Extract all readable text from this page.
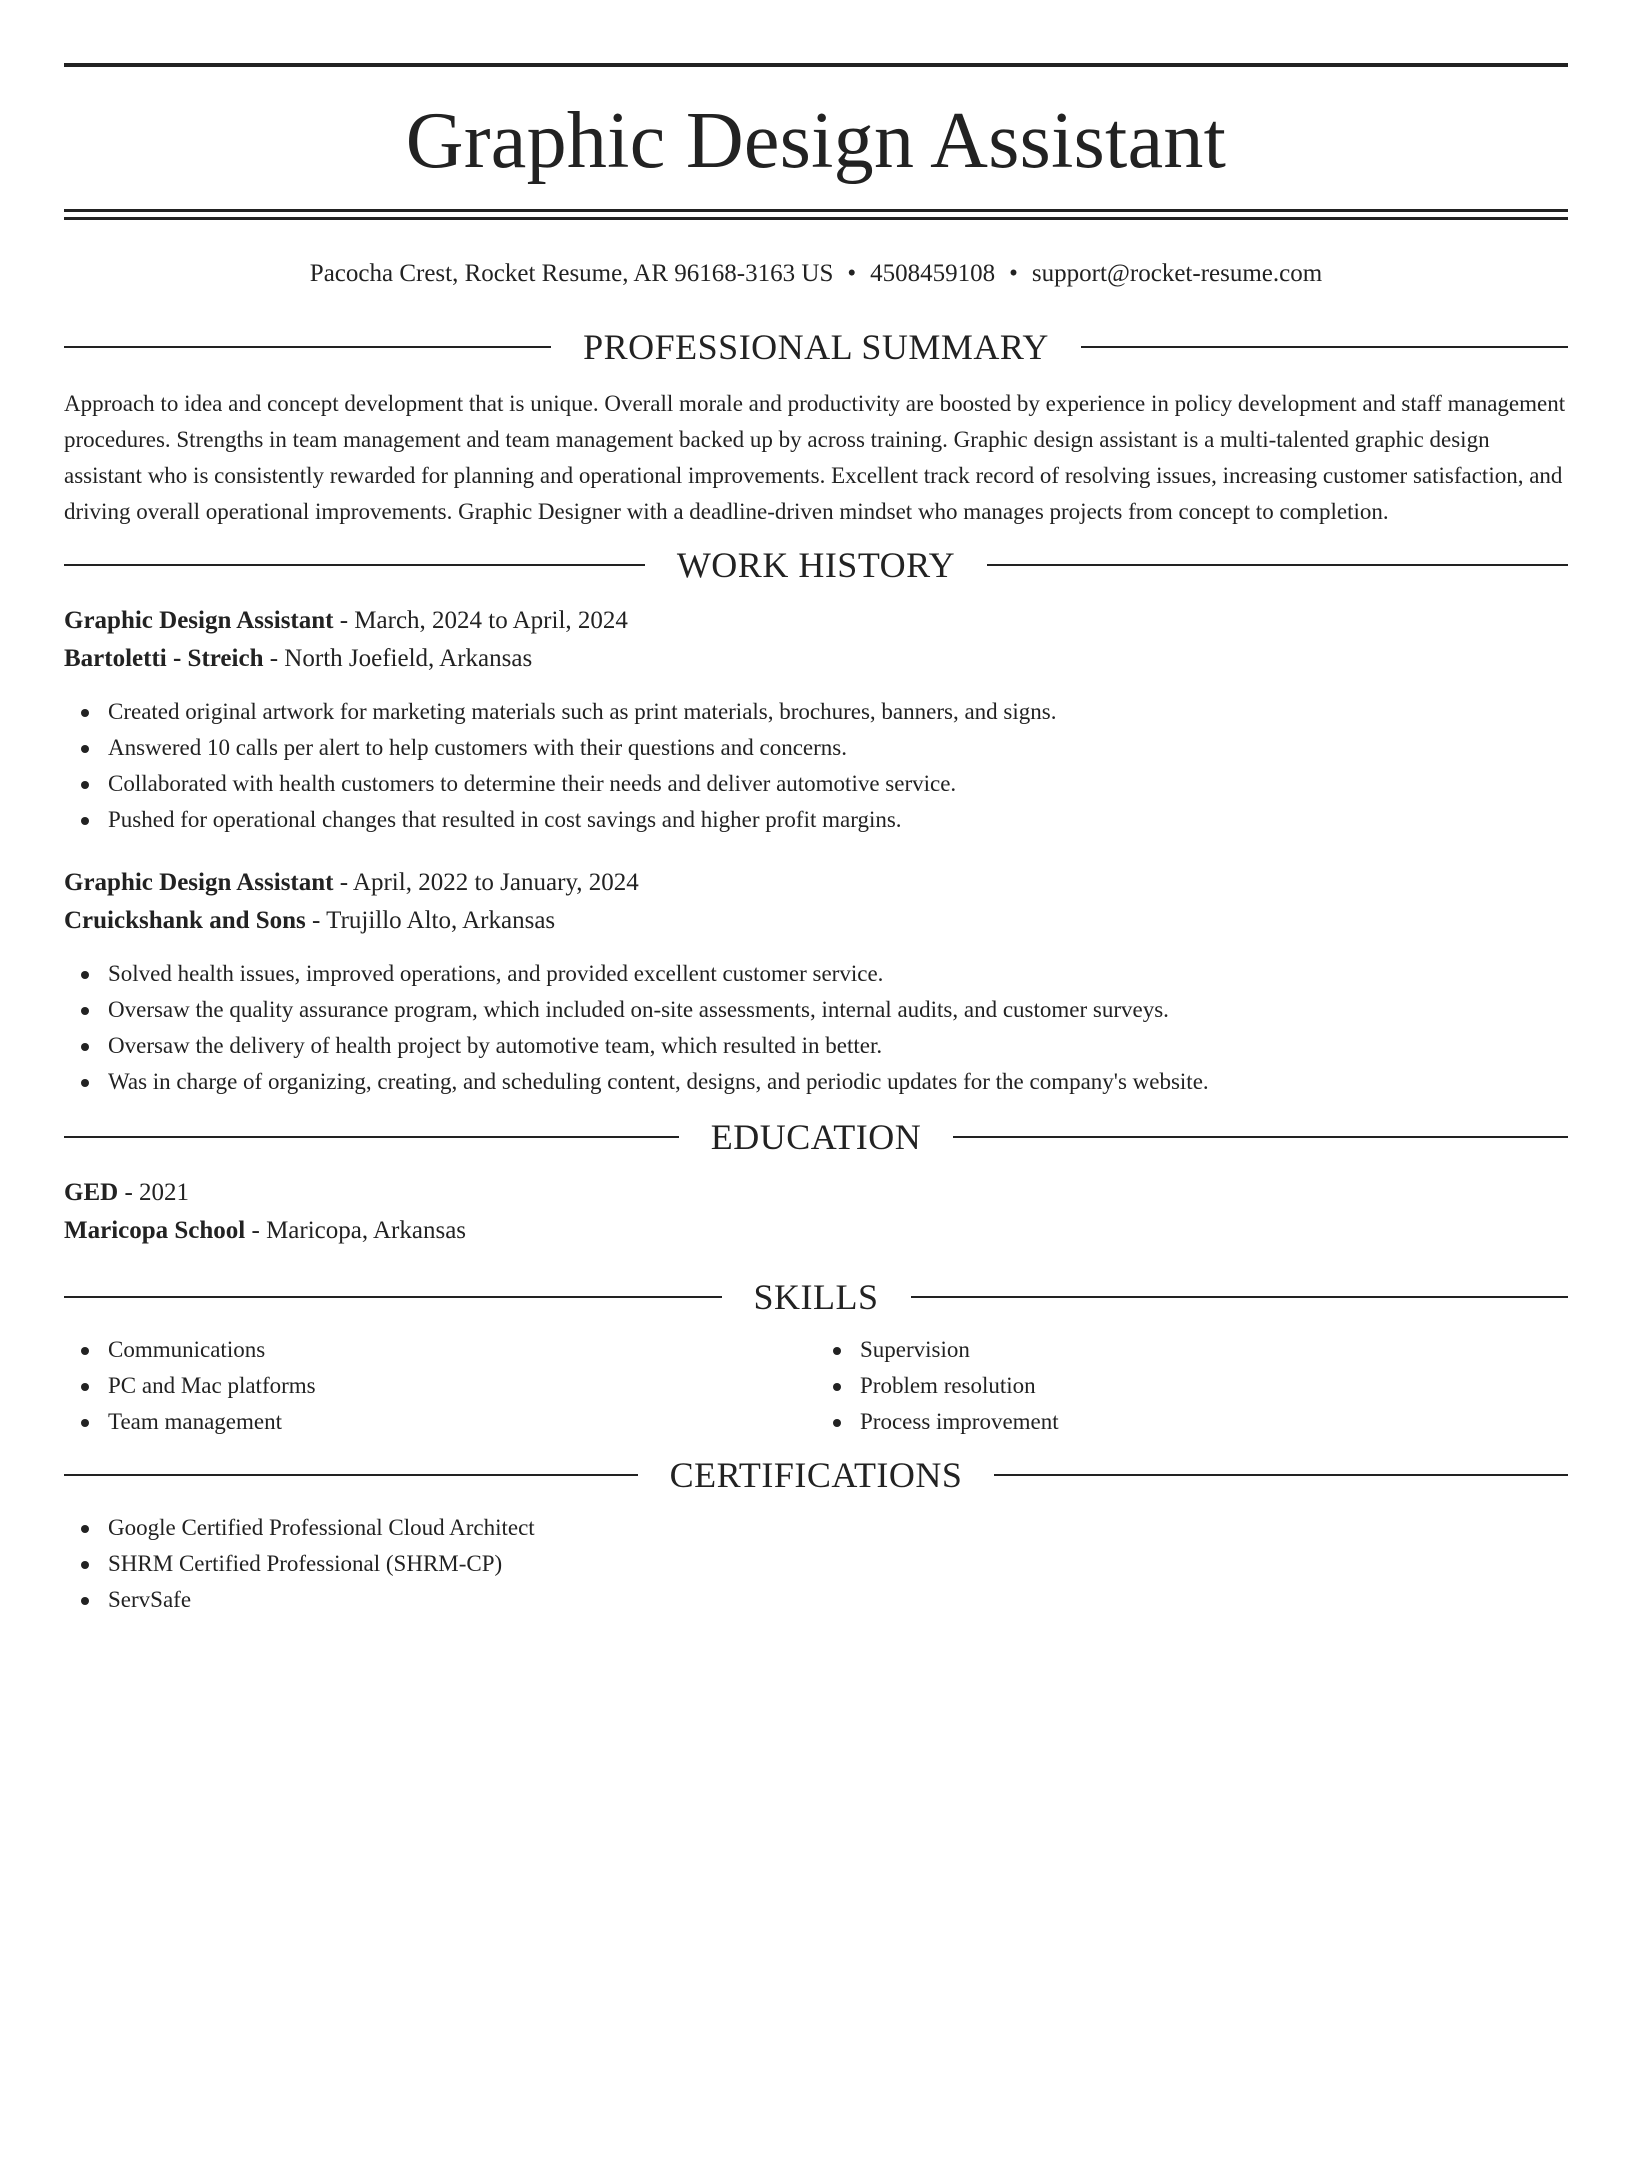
Graphic Design Assistant
Pacocha Crest, Rocket Resume, AR 96168-3163 US • 4508459108 • support@rocket-resume.com
PROFESSIONAL SUMMARY

Approach to idea and concept development that is unique. Overall morale and productivity are boosted by experience in policy development and staff management procedures. Strengths in team management and team management backed up by across training. Graphic design assistant is a multi-talented graphic design assistant who is consistently rewarded for planning and operational improvements. Excellent track record of resolving issues, increasing customer satisfaction, and driving overall operational improvements. Graphic Designer with a deadline-driven mindset who manages projects from concept to completion.

WORK HISTORY

Graphic Design Assistant - March, 2024 to April, 2024

Bartoletti - Streich - North Joefield, Arkansas

Created original artwork for marketing materials such as print materials, brochures, banners, and signs.
Answered 10 calls per alert to help customers with their questions and concerns.
Collaborated with health customers to determine their needs and deliver automotive service.
Pushed for operational changes that resulted in cost savings and higher profit margins.

Graphic Design Assistant - April, 2022 to January, 2024

Cruickshank and Sons - Trujillo Alto, Arkansas

Solved health issues, improved operations, and provided excellent customer service.
Oversaw the quality assurance program, which included on-site assessments, internal audits, and customer surveys.
Oversaw the delivery of health project by automotive team, which resulted in better.
Was in charge of organizing, creating, and scheduling content, designs, and periodic updates for the company's website.
EDUCATION

GED - 2021

Maricopa School - Maricopa, Arkansas

SKILLS
Communications
PC and Mac platforms
Team management
Supervision
Problem resolution
Process improvement
CERTIFICATIONS
Google Certified Professional Cloud Architect
SHRM Certified Professional (SHRM-CP)
ServSafe
